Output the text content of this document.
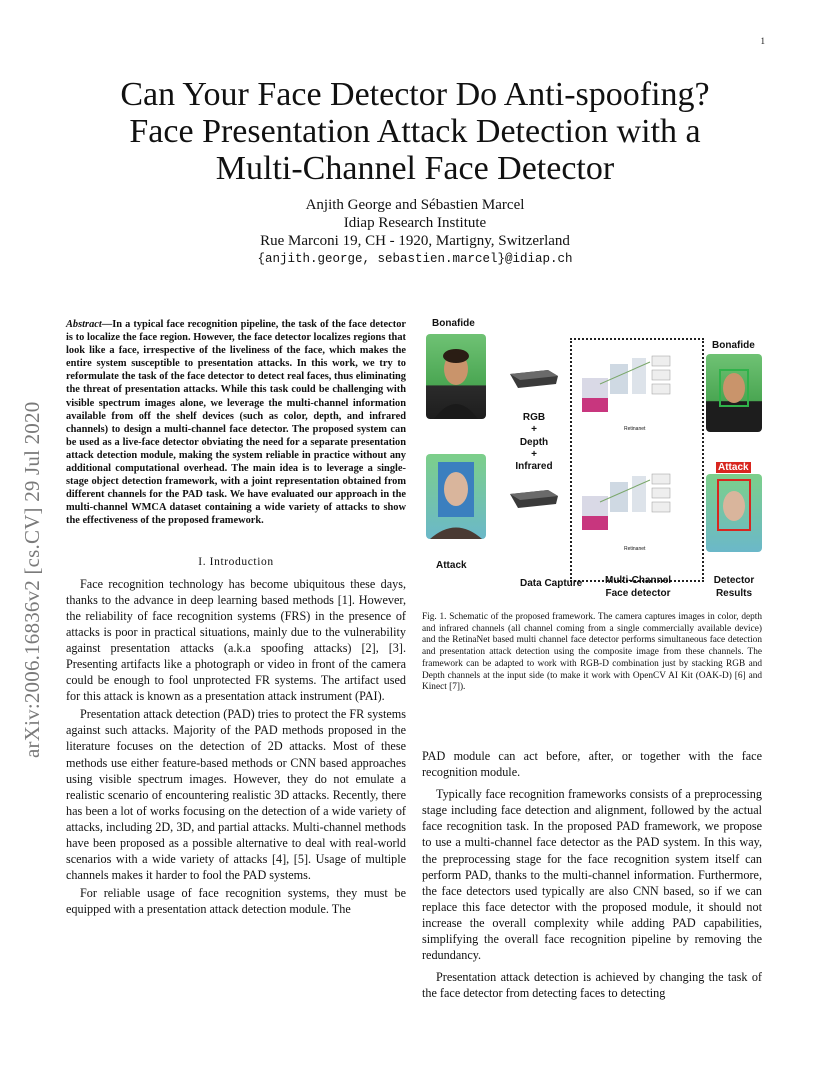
1
arXiv:2006.16836v2 [cs.CV] 29 Jul 2020
Can Your Face Detector Do Anti-spoofing?
Face Presentation Attack Detection with a
Multi-Channel Face Detector
Anjith George and Sébastien Marcel
Idiap Research Institute
Rue Marconi 19, CH - 1920, Martigny, Switzerland
{anjith.george, sebastien.marcel}@idiap.ch
Abstract—In a typical face recognition pipeline, the task of the face detector is to localize the face region. However, the face detector localizes regions that look like a face, irrespective of the liveliness of the face, which makes the entire system susceptible to presentation attacks. In this work, we try to reformulate the task of the face detector to detect real faces, thus eliminating the threat of presentation attacks. While this task could be challenging with visible spectrum images alone, we leverage the multi-channel information available from off the shelf devices (such as color, depth, and infrared channels) to design a multi-channel face detector. The proposed system can be used as a live-face detector obviating the need for a separate presentation attack detection module, making the system reliable in practice without any additional computational overhead. The main idea is to leverage a single-stage object detection framework, with a joint representation obtained from different channels for the PAD task. We have evaluated our approach in the multi-channel WMCA dataset containing a wide variety of attacks to show the effectiveness of the proposed framework.
I. Introduction

Face recognition technology has become ubiquitous these days, thanks to the advance in deep learning based methods [1]. However, the reliability of face recognition systems (FRS) in the presence of attacks is poor in practical situations, mainly due to the vulnerability against presentation attacks (a.k.a spoofing attacks) [2], [3]. Presenting artifacts like a photograph or video in front of the camera could be enough to fool unprotected FR systems. The artifact used for this attack is known as a presentation attack instrument (PAI).

Presentation attack detection (PAD) tries to protect the FR systems against such attacks. Majority of the PAD methods proposed in the literature focuses on the detection of 2D attacks. Most of these methods use either feature-based methods or CNN based approaches using visible spectrum images. However, they do not emulate a realistic scenario of encountering realistic 3D attacks. Recently, there has been a lot of works focusing on the detection of a wide variety of attacks, including 2D, 3D, and partial attacks. Multi-channel methods have been proposed as a possible alternative to deal with real-world scenarios with a wide variety of attacks [4], [5]. Usage of multiple channels makes it harder to fool the PAD systems.

For reliable usage of face recognition systems, they must be equipped with a presentation attack detection module. The

Bonafide
Attack
RGB
+
Depth
+
Infrared
Retinanet
Retinanet
Bonafide
Attack
Data Capture	Multi-Channel
Face detector
Detector
Results
Fig. 1. Schematic of the proposed framework. The camera captures images in color, depth and infrared channels (all channel coming from a single commercially available device) and the RetinaNet based multi channel face detector performs simultaneous face detection and presentation attack detection using the composite image from these channels. The framework can be adapted to work with RGB-D combination just by stacking RGB and Depth channels at the input side (to make it work with OpenCV AI Kit (OAK-D) [6] and Kinect [7]).

PAD module can act before, after, or together with the face recognition module.

Typically face recognition frameworks consists of a preprocessing stage including face detection and alignment, followed by the actual face recognition task. In the proposed PAD framework, we propose to use a multi-channel face detector as the PAD system. In this way, the preprocessing stage for the face recognition system itself can perform PAD, thanks to the multi-channel information. Furthermore, the face detectors used typically are also CNN based, so if we can replace this face detector with the proposed module, it should not increase the overall complexity while adding PAD capabilities, simplifying the overall face recognition pipeline by removing the redundancy.

Presentation attack detection is achieved by changing the task of the face detector from detecting faces to detecting
